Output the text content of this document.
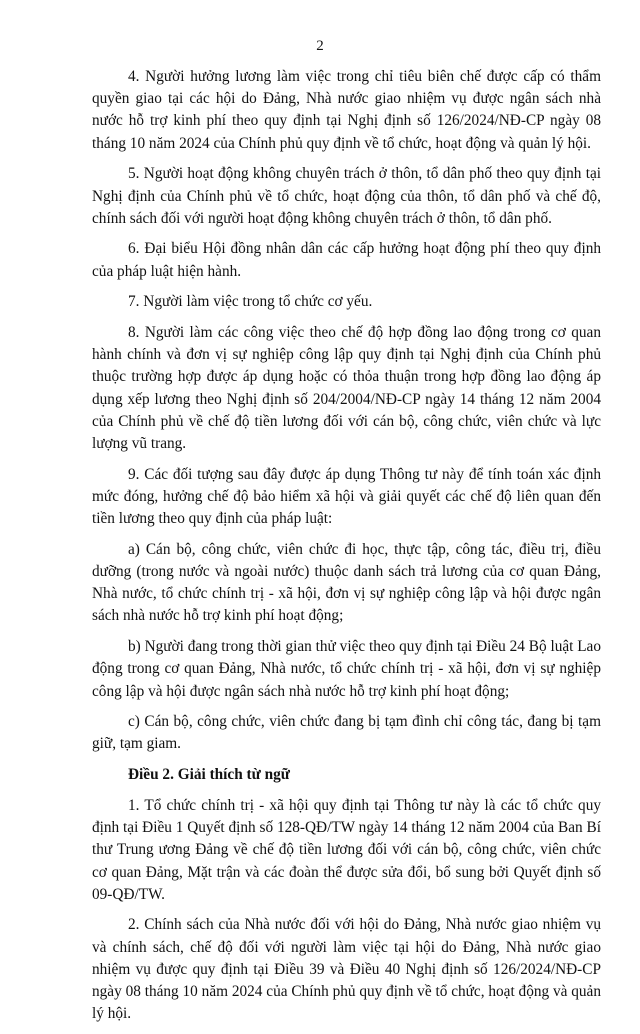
2

4. Người hưởng lương làm việc trong chỉ tiêu biên chế được cấp có thẩm quyền giao tại các hội do Đảng, Nhà nước giao nhiệm vụ được ngân sách nhà nước hỗ trợ kinh phí theo quy định tại Nghị định số 126/2024/NĐ-CP ngày 08 tháng 10 năm 2024 của Chính phủ quy định về tổ chức, hoạt động và quản lý hội.

5. Người hoạt động không chuyên trách ở thôn, tổ dân phố theo quy định tại Nghị định của Chính phủ về tổ chức, hoạt động của thôn, tổ dân phố và chế độ, chính sách đối với người hoạt động không chuyên trách ở thôn, tổ dân phố.

6. Đại biểu Hội đồng nhân dân các cấp hưởng hoạt động phí theo quy định của pháp luật hiện hành.

7. Người làm việc trong tổ chức cơ yếu.

8. Người làm các công việc theo chế độ hợp đồng lao động trong cơ quan hành chính và đơn vị sự nghiệp công lập quy định tại Nghị định của Chính phủ thuộc trường hợp được áp dụng hoặc có thỏa thuận trong hợp đồng lao động áp dụng xếp lương theo Nghị định số 204/2004/NĐ-CP ngày 14 tháng 12 năm 2004 của Chính phủ về chế độ tiền lương đối với cán bộ, công chức, viên chức và lực lượng vũ trang.

9. Các đối tượng sau đây được áp dụng Thông tư này để tính toán xác định mức đóng, hưởng chế độ bảo hiểm xã hội và giải quyết các chế độ liên quan đến tiền lương theo quy định của pháp luật:

a) Cán bộ, công chức, viên chức đi học, thực tập, công tác, điều trị, điều dưỡng (trong nước và ngoài nước) thuộc danh sách trả lương của cơ quan Đảng, Nhà nước, tổ chức chính trị - xã hội, đơn vị sự nghiệp công lập và hội được ngân sách nhà nước hỗ trợ kinh phí hoạt động;

b) Người đang trong thời gian thử việc theo quy định tại Điều 24 Bộ luật Lao động trong cơ quan Đảng, Nhà nước, tổ chức chính trị - xã hội, đơn vị sự nghiệp công lập và hội được ngân sách nhà nước hỗ trợ kinh phí hoạt động;

c) Cán bộ, công chức, viên chức đang bị tạm đình chỉ công tác, đang bị tạm giữ, tạm giam.

Điều 2. Giải thích từ ngữ

1. Tổ chức chính trị - xã hội quy định tại Thông tư này là các tổ chức quy định tại Điều 1 Quyết định số 128-QĐ/TW ngày 14 tháng 12 năm 2004 của Ban Bí thư Trung ương Đảng về chế độ tiền lương đối với cán bộ, công chức, viên chức cơ quan Đảng, Mặt trận và các đoàn thể được sửa đổi, bổ sung bởi Quyết định số 09-QĐ/TW.

2. Chính sách của Nhà nước đối với hội do Đảng, Nhà nước giao nhiệm vụ và chính sách, chế độ đối với người làm việc tại hội do Đảng, Nhà nước giao nhiệm vụ được quy định tại Điều 39 và Điều 40 Nghị định số 126/2024/NĐ-CP ngày 08 tháng 10 năm 2024 của Chính phủ quy định về tổ chức, hoạt động và quản lý hội.
